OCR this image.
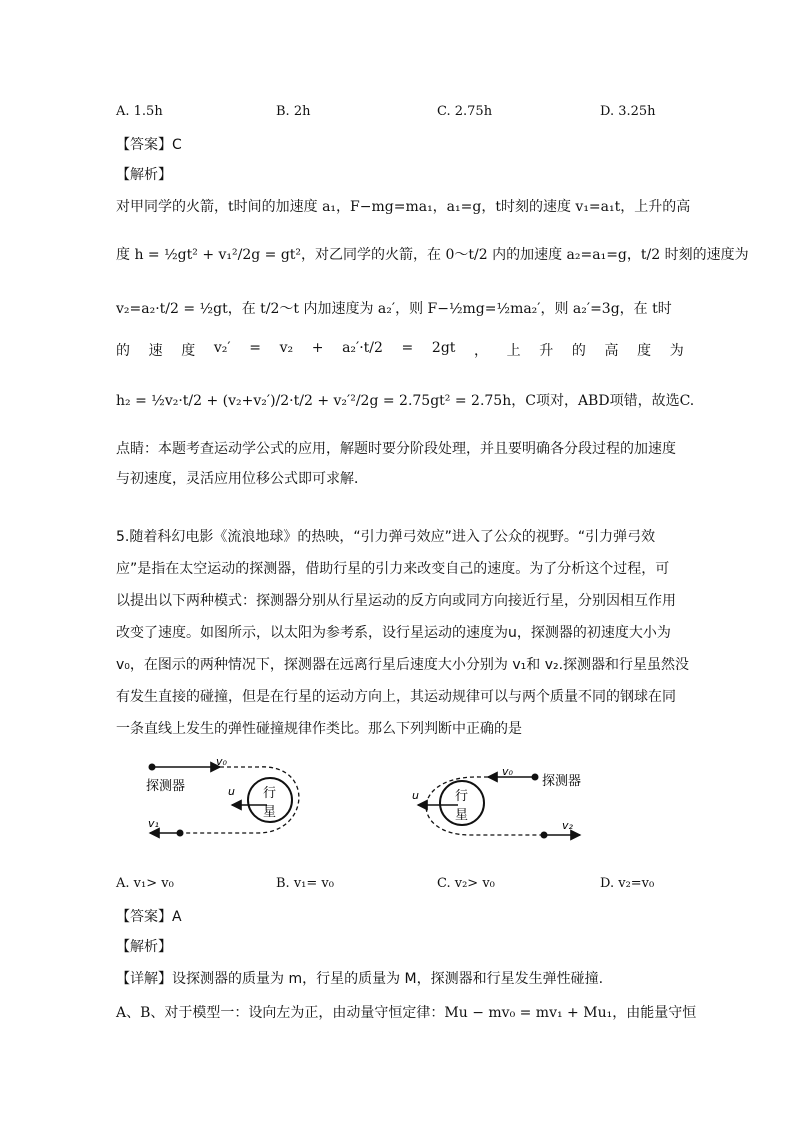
A. 1.5h	B. 2h	C. 2.75h	D. 3.25h
【答案】C
【解析】
对甲同学的火箭，t时间的加速度 a₁，F−mg=ma₁，a₁=g，t时刻的速度 v₁=a₁t，上升的高
度 h = ½gt² + v₁²/2g = gt²，对乙同学的火箭，在 0～t/2 内的加速度 a₂=a₁=g，t/2 时刻的速度为
v₂=a₂·t/2 = ½gt，在 t/2～t 内加速度为 a₂′，则 F−½mg=½ma₂′，则 a₂′=3g，在 t时
的 速 度 v₂′ = v₂ + a₂′·t/2 = 2gt ， 上 升 的 高 度 为
h₂ = ½v₂·t/2 + (v₂+v₂′)/2·t/2 + v₂′²/2g = 2.75gt² = 2.75h，C项对，ABD项错，故选C.
点睛：本题考查运动学公式的应用，解题时要分阶段处理，并且要明确各分段过程的加速度
与初速度，灵活应用位移公式即可求解．
5.随着科幻电影《流浪地球》的热映，“引力弹弓效应”进入了公众的视野。“引力弹弓效
应”是指在太空运动的探测器，借助行星的引力来改变自己的速度。为了分析这个过程，可
以提出以下两种模式：探测器分别从行星运动的反方向或同方向接近行星，分别因相互作用
改变了速度。如图所示，以太阳为参考系，设行星运动的速度为u，探测器的初速度大小为
v₀，在图示的两种情况下，探测器在远离行星后速度大小分别为 v₁和 v₂.探测器和行星虽然没
有发生直接的碰撞，但是在行星的运动方向上，其运动规律可以与两个质量不同的钢球在同
一条直线上发生的弹性碰撞规律作类比。那么下列判断中正确的是
探测器
v₀
u 行
星
v₁
探测器
v₀
u	行
星
v₂
A. v₁> v₀	B. v₁= v₀	C. v₂> v₀	D. v₂=v₀
【答案】A
【解析】
【详解】设探测器的质量为 m，行星的质量为 M，探测器和行星发生弹性碰撞.
A、B、对于模型一：设向左为正，由动量守恒定律：Mu − mv₀ = mv₁ + Mu₁，由能量守恒
